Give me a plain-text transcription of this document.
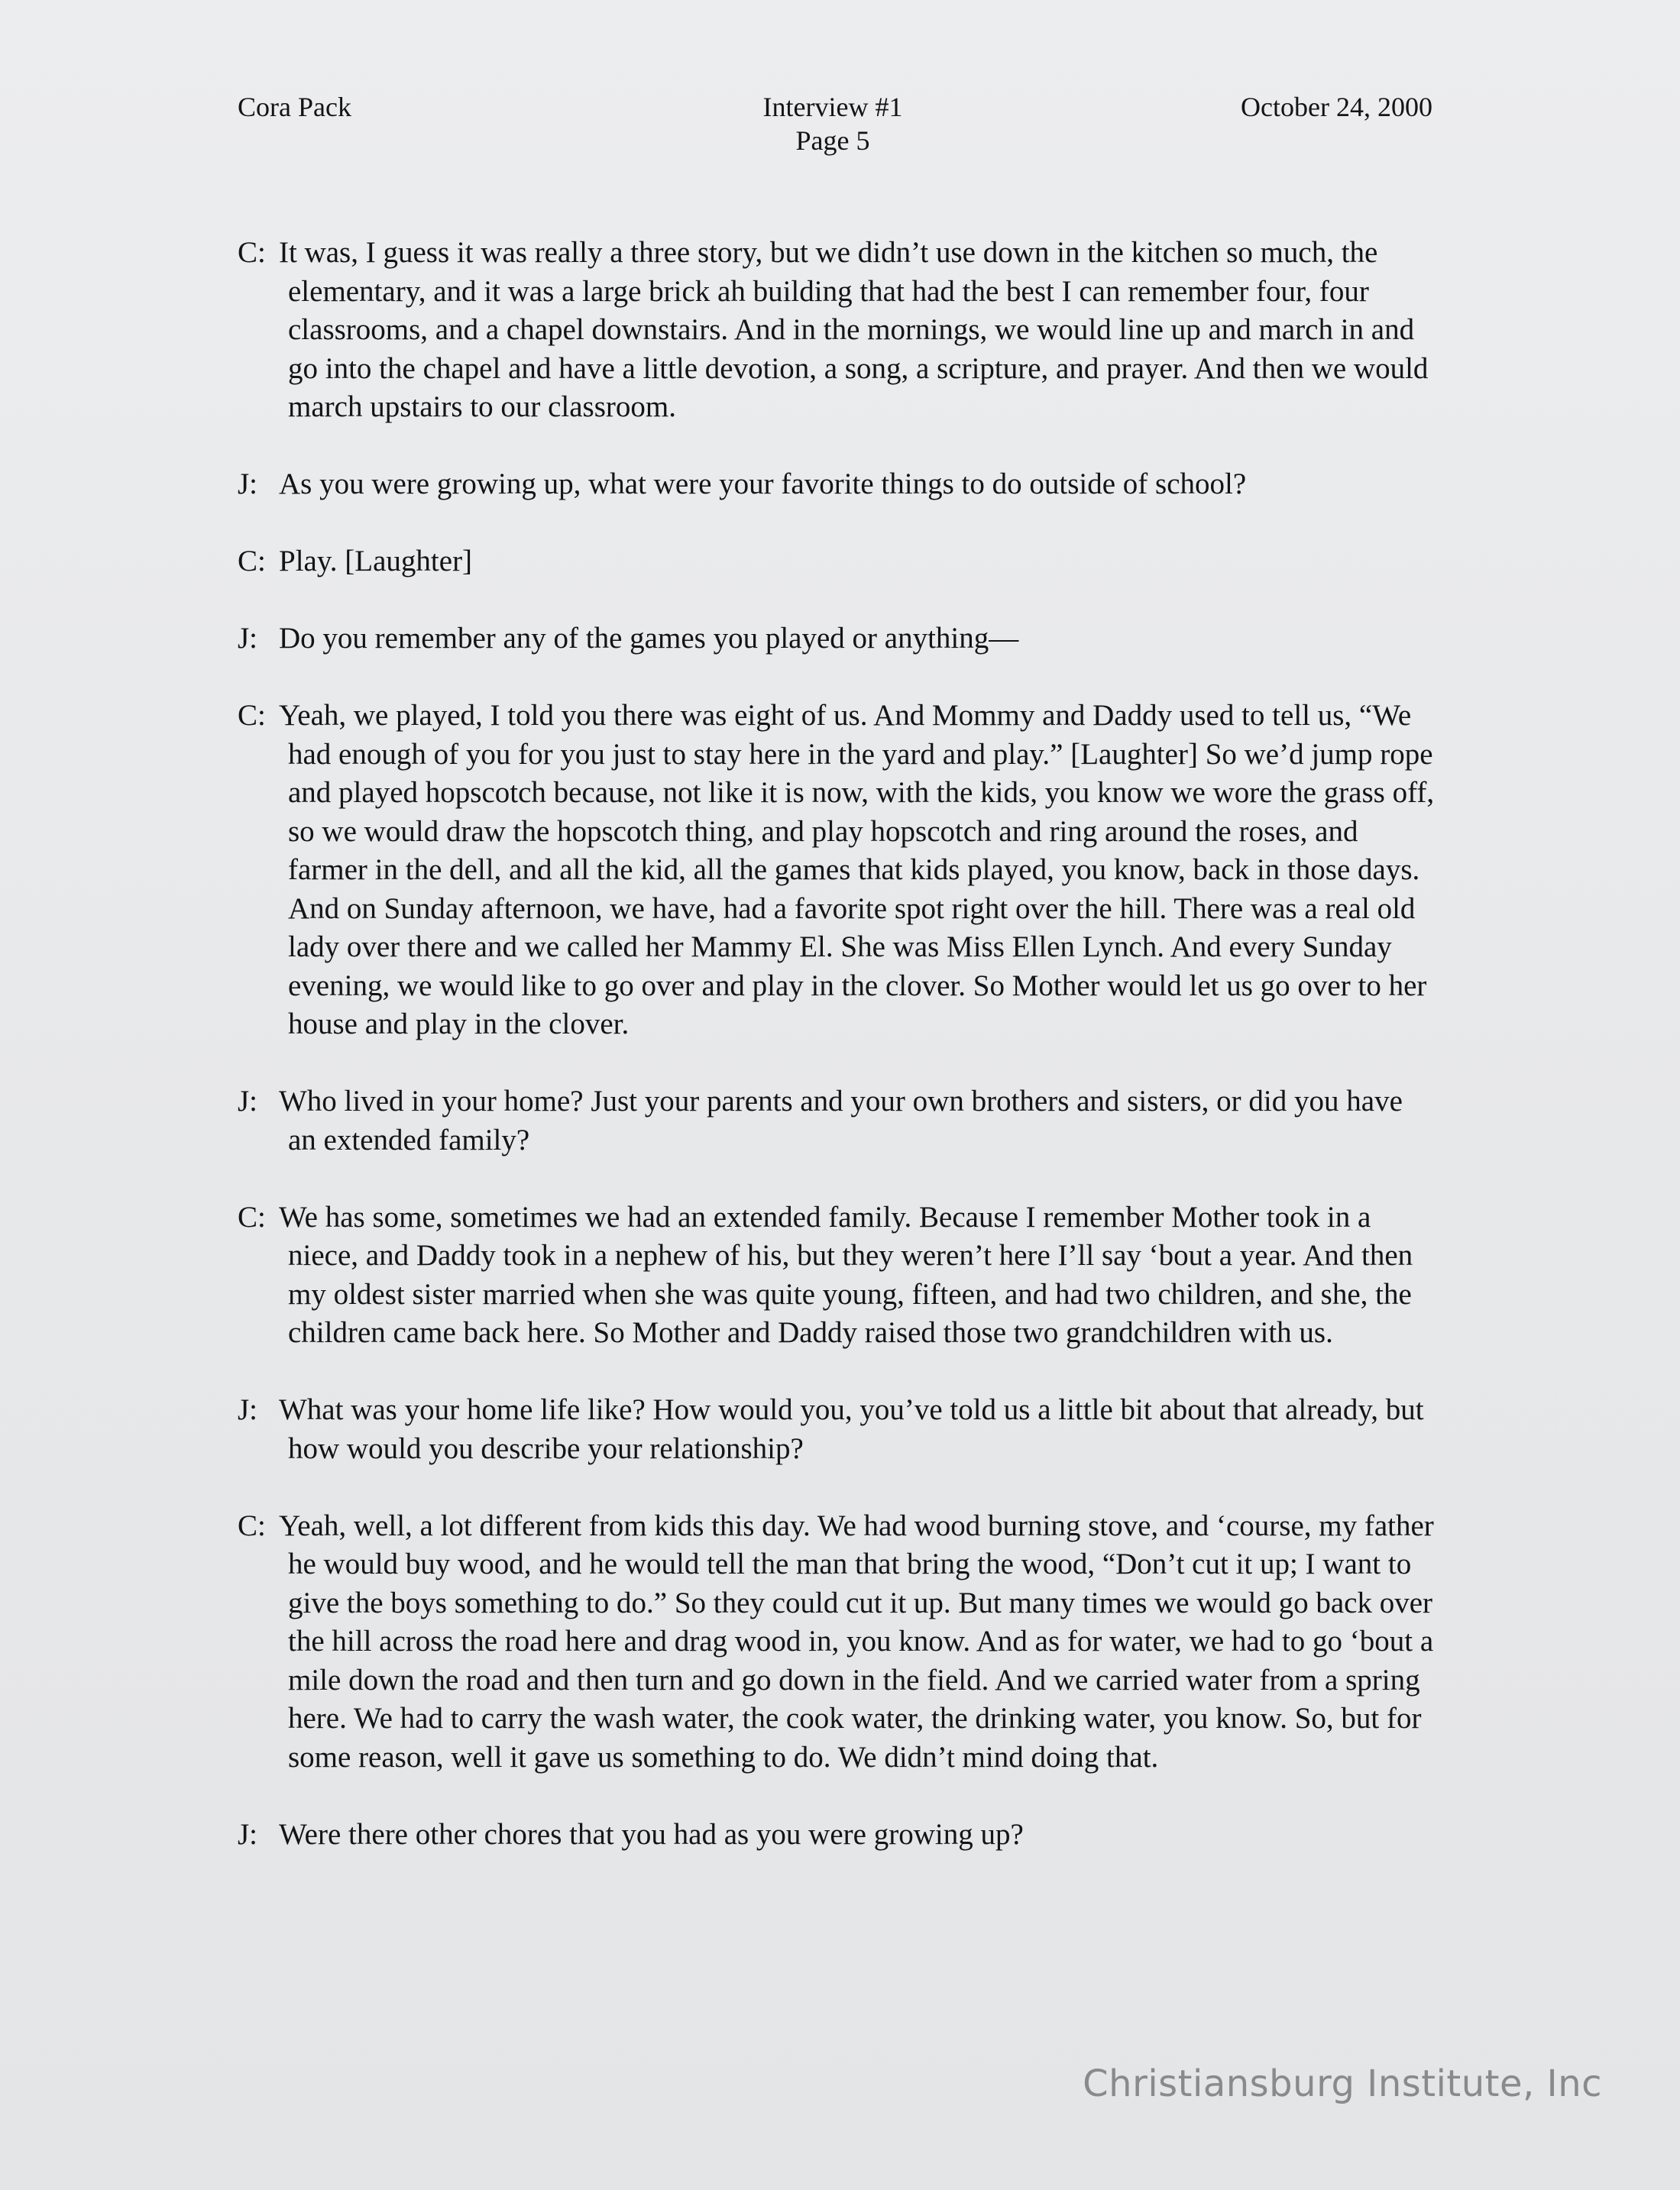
Cora Pack	Interview #1
Page 5
October 24, 2000

C: It was, I guess it was really a three story, but we didn’t use down in the kitchen so much, the elementary, and it was a large brick ah building that had the best I can remember four, four classrooms, and a chapel downstairs. And in the mornings, we would line up and march in and go into the chapel and have a little devotion, a song, a scripture, and prayer. And then we would march upstairs to our classroom.

J: As you were growing up, what were your favorite things to do outside of school?

C: Play. [Laughter]

J: Do you remember any of the games you played or anything—

C: Yeah, we played, I told you there was eight of us. And Mommy and Daddy used to tell us, “We had enough of you for you just to stay here in the yard and play.” [Laughter] So we’d jump rope and played hopscotch because, not like it is now, with the kids, you know we wore the grass off, so we would draw the hopscotch thing, and play hopscotch and ring around the roses, and farmer in the dell, and all the kid, all the games that kids played, you know, back in those days. And on Sunday afternoon, we have, had a favorite spot right over the hill. There was a real old lady over there and we called her Mammy El. She was Miss Ellen Lynch. And every Sunday evening, we would like to go over and play in the clover. So Mother would let us go over to her house and play in the clover.

J: Who lived in your home? Just your parents and your own brothers and sisters, or did you have an extended family?

C: We has some, sometimes we had an extended family. Because I remember Mother took in a niece, and Daddy took in a nephew of his, but they weren’t here I’ll say ‘bout a year. And then my oldest sister married when she was quite young, fifteen, and had two children, and she, the children came back here. So Mother and Daddy raised those two grandchildren with us.

J: What was your home life like? How would you, you’ve told us a little bit about that already, but how would you describe your relationship?

C: Yeah, well, a lot different from kids this day. We had wood burning stove, and ‘course, my father he would buy wood, and he would tell the man that bring the wood, “Don’t cut it up; I want to give the boys something to do.” So they could cut it up. But many times we would go back over the hill across the road here and drag wood in, you know. And as for water, we had to go ‘bout a mile down the road and then turn and go down in the field. And we carried water from a spring here. We had to carry the wash water, the cook water, the drinking water, you know. So, but for some reason, well it gave us something to do. We didn’t mind doing that.

J: Were there other chores that you had as you were growing up?

Christiansburg Institute, Inc
